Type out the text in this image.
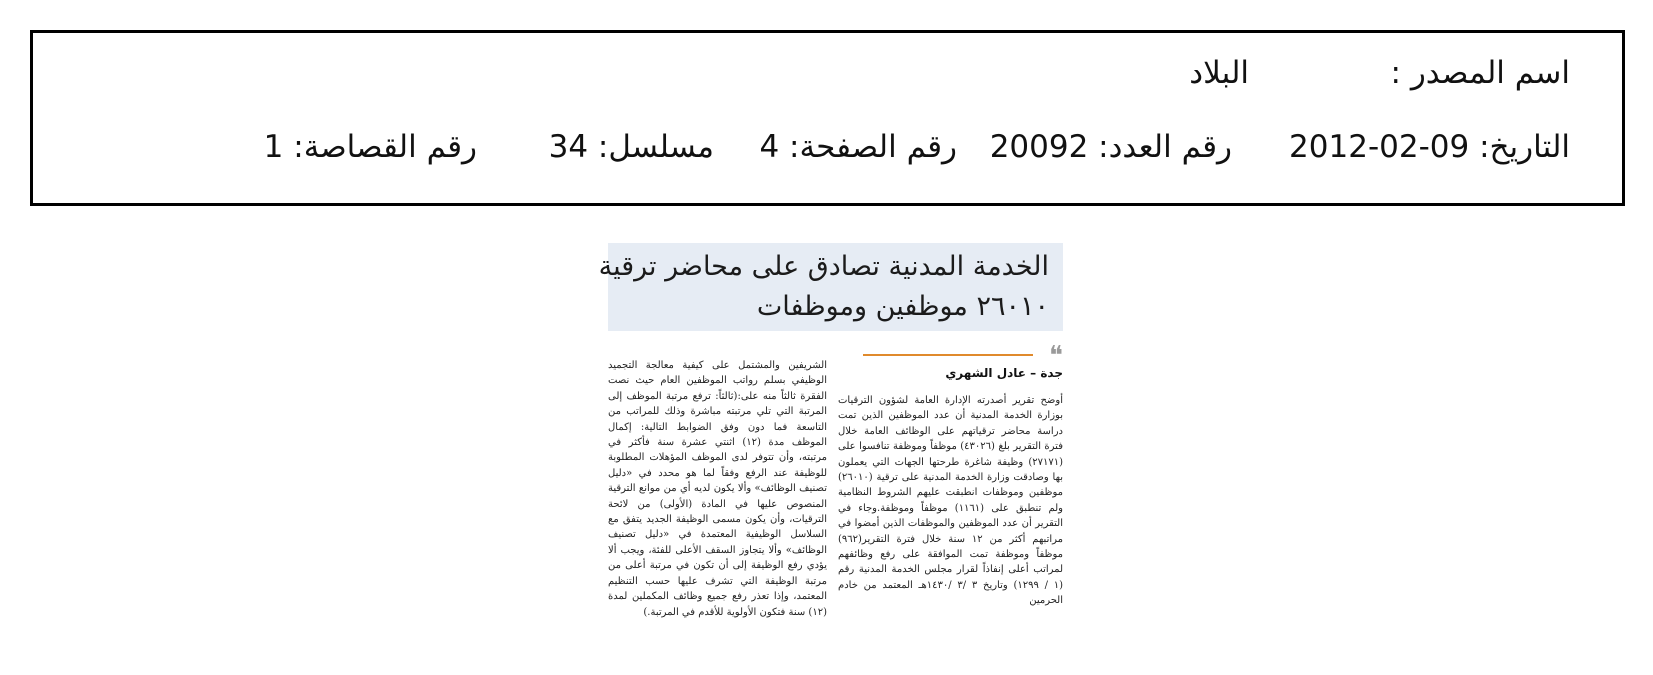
اسم المصدر :
البلاد
التاريخ: 09-02-2012
رقم العدد: 20092
رقم الصفحة: 4
مسلسل: 34
رقم القصاصة: 1
الخدمة المدنية تصادق على محاضر ترقية
٢٦٠١٠ موظفين وموظفات
❝
جدة – عادل الشهري

أوضح تقرير أصدرته الإدارة العامة لشؤون الترقيات بوزارة الخدمة المدنية أن عدد الموظفين الذين تمت دراسة محاضر ترقياتهم على الوظائف العامة خلال فترة التقرير بلغ (٤٣٠٢٦) موظفاً وموظفة تنافسوا على (٢٧١٧١) وظيفة شاغرة طرحتها الجهات التي يعملون بها وصادقت وزارة الخدمة المدنية على ترقية (٢٦٠١٠) موظفين وموظفات انطبقت عليهم الشروط النظامية ولم تنطبق على (١١٦١) موظفاً وموظفة.وجاء في التقرير أن عدد الموظفين والموظفات الذين أمضوا في مراتبهم أكثر من ١٢ سنة خلال فترة التقرير(٩٦٢) موظفاً وموظفة تمت الموافقة على رفع وظائفهم لمراتب أعلى إنفاذاً لقرار مجلس الخدمة المدنية رقم (١ / ١٢٩٩) وتاريخ ٣ /٣ /١٤٣٠هـ المعتمد من خادم الحرمين

الشريفين والمشتمل على كيفية معالجة التجميد الوظيفي بسلم رواتب الموظفين العام حيث نصت الفقرة ثالثاً منه على:(ثالثاً: ترفع مرتبة الموظف إلى المرتبة التي تلي مرتبته مباشرة وذلك للمراتب من التاسعة فما دون وفق الضوابط التالية: إكمال الموظف مدة (١٢) اثنتي عشرة سنة فأكثر في مرتبته، وأن تتوفر لدى الموظف المؤهلات المطلوبة للوظيفة عند الرفع وفقاً لما هو محدد في «دليل تصنيف الوظائف» وألا يكون لديه أي من موانع الترقية المنصوص عليها في المادة (الأولى) من لائحة الترقيات، وأن يكون مسمى الوظيفة الجديد يتفق مع السلاسل الوظيفية المعتمدة في «دليل تصنيف الوظائف» وألا يتجاوز السقف الأعلى للفئة، ويجب ألا يؤدي رفع الوظيفة إلى أن تكون في مرتبة أعلى من مرتبة الوظيفة التي تشرف عليها حسب التنظيم المعتمد، وإذا تعذر رفع جميع وظائف المكملين لمدة (١٢) سنة فتكون الأولوية للأقدم في المرتبة.)
